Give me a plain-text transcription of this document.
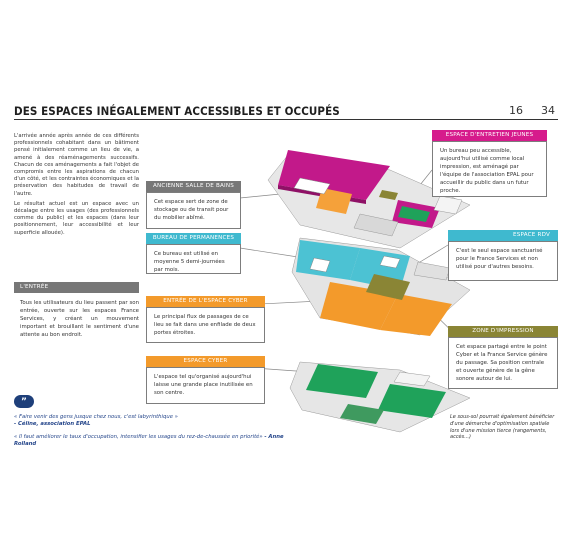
DES ESPACES INÉGALEMENT ACCESSIBLES ET OCCUPÉS	16 34

L'arrivée année après année de ces différents professionnels cohabitant dans un bâtiment pensé initialement comme un lieu de vie, a amené à des réaménagements successifs. Chacun de ces aménagements a fait l'objet de compromis entre les aspirations de chacun d'un côté, et les contraintes économiques et la préservation des habitudes de travail de l'autre.

Le résultat actuel est un espace avec un décalage entre les usages (des professionnels comme du public) et les espaces (dans leur positionnement, leur accessibilité et leur superficie allouée).

L'ENTRÉE
Tous les utilisateurs du lieu passent par son entrée, ouverte sur les espaces France Services, y créant un mouvement important et brouillant le sentiment d'une attente au bon endroit.
ANCIENNE SALLE DE BAINS
Cet espace sert de zone de stockage ou de transit pour du mobilier abîmé.
BUREAU DE PERMANENCES
Ce bureau est utilisé en moyenne 5 demi-journées par mois.
ENTRÉE DE L'ESPACE CYBER
Le principal flux de passages de ce lieu se fait dans une enfilade de deux portes étroites.
ESPACE CYBER
L'espace tel qu'organisé aujourd'hui laisse une grande place inutilisée en son centre.
ESPACE D'ENTRETIEN JEUNES
Un bureau peu accessible, aujourd'hui utilisé comme local impression, est aménagé par l'équipe de l'association EPAL pour accueillir du public dans un futur proche.
ESPACE RDV
C'est le seul espace sanctuarisé pour le France Services et non utilisé pour d'autres besoins.
ZONE D'IMPRESSION
Cet espace partagé entre le point Cyber et la France Service génère du passage. Sa position centrale et ouverte génère de la gêne sonore autour de lui.
Le sous-sol pourrait également bénéficier d'une démarche d'optimisation spatiale lors d'une mission tierce (rangements, accès...)
”
« Faire venir des gens jusque chez nous, c'est labyrinthique »
- Céline, association EPAL
« Il faut améliorer le taux d'occupation, intensifier les usages du rez-de-chaussée en priorité» - Anne Rolland
